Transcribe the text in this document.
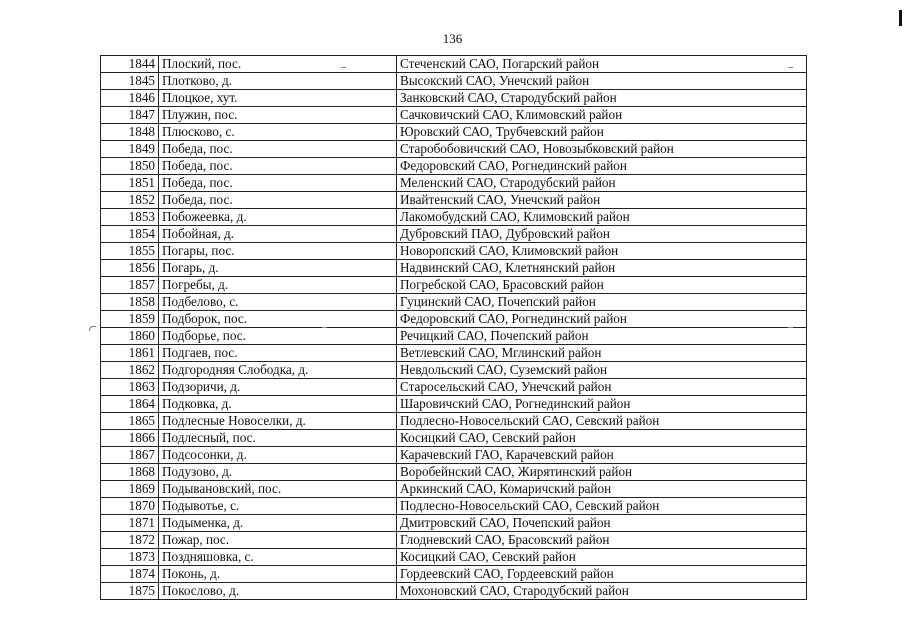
136
1844	Плоский, пос.	Стеченский САО, Погарский район
1845	Плотково, д.	Высокский САО, Унечский район
1846	Плоцкое, хут.	Занковский САО, Стародубский район
1847	Плужин, пос.	Сачковичский САО, Климовский район
1848	Плюсково, с.	Юровский САО, Трубчевский район
1849	Победа, пос.	Старобобовичский САО, Новозыбковский район
1850	Победа, пос.	Федоровский САО, Рогнединский район
1851	Победа, пос.	Меленский САО, Стародубский район
1852	Победа, пос.	Ивайтенский САО, Унечский район
1853	Побожеевка, д.	Лакомобудский САО, Климовский район
1854	Побойная, д.	Дубровский ПАО, Дубровский район
1855	Погары, пос.	Новоропский САО, Климовский район
1856	Погарь, д.	Надвинский САО, Клетнянский район
1857	Погребы, д.	Погребской САО, Брасовский район
1858	Подбелово, с.	Гуцинский САО, Почепский район
1859	Подборок, пос.	Федоровский САО, Рогнединский район
1860	Подборье, пос.	Речицкий САО, Почепский район
1861	Подгаев, пос.	Ветлевский САО, Мглинский район
1862	Подгородняя Слободка, д.	Невдольский САО, Суземский район
1863	Подзоричи, д.	Старосельский САО, Унечский район
1864	Подковка, д.	Шаровичский САО, Рогнединский район
1865	Подлесные Новоселки, д.	Подлесно-Новосельский САО, Севский район
1866	Подлесный, пос.	Косицкий САО, Севский район
1867	Подсосонки, д.	Карачевский ГАО, Карачевский район
1868	Подузово, д.	Воробейнский САО, Жирятинский район
1869	Подывановский, пос.	Аркинский САО, Комаричский район
1870	Подывотье, с.	Подлесно-Новосельский САО, Севский район
1871	Подыменка, д.	Дмитровский САО, Почепский район
1872	Пожар, пос.	Глодневский САО, Брасовский район
1873	Поздняшовка, с.	Косицкий САО, Севский район
1874	Поконь, д.	Гордеевский САО, Гордеевский район
1875	Покослово, д.	Мохоновский САО, Стародубский район
